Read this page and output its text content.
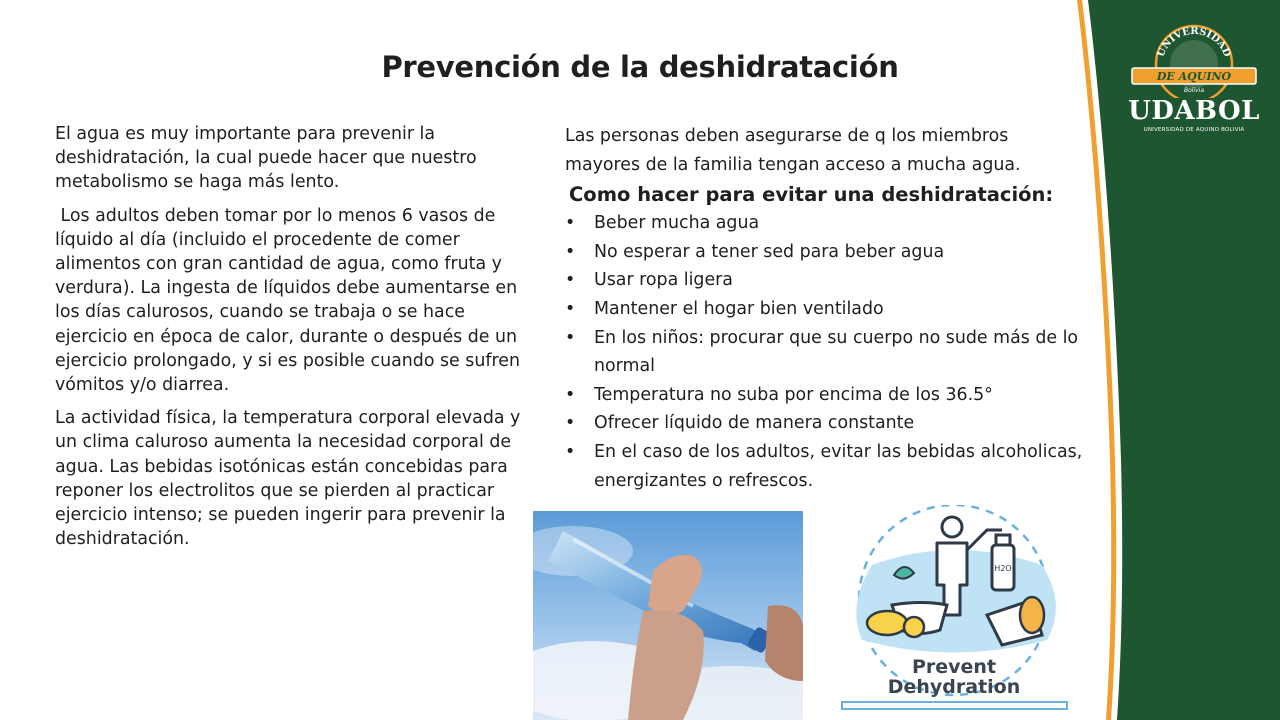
UNIVERSIDAD
DE AQUINO
Bolivia
UDABOL
UNIVERSIDAD DE AQUINO BOLIVIA
Prevención de la deshidratación

El agua es muy importante para prevenir la deshidratación, la cual puede hacer que nuestro metabolismo se haga más lento.

Los adultos deben tomar por lo menos 6 vasos de líquido al día (incluido el procedente de comer alimentos con gran cantidad de agua, como fruta y verdura). La ingesta de líquidos debe aumentarse en los días calurosos, cuando se trabaja o se hace ejercicio en época de calor, durante o después de un ejercicio prolongado, y si es posible cuando se sufren vómitos y/o diarrea.

La actividad física, la temperatura corporal elevada y un clima caluroso aumenta la necesidad corporal de agua. Las bebidas isotónicas están concebidas para reponer los electrolitos que se pierden al practicar ejercicio intenso; se pueden ingerir para prevenir la deshidratación.

Las personas deben asegurarse de q los miembros mayores de la familia tengan acceso a mucha agua.

Como hacer para evitar una deshidratación:

• Beber mucha agua
• No esperar a tener sed para beber agua
• Usar ropa ligera
• Mantener el hogar bien ventilado
• En los niños: procurar que su cuerpo no sude más de lo normal
• Temperatura no suba por encima de los 36.5°
• Ofrecer líquido de manera constante
• En el caso de los adultos, evitar las bebidas alcoholicas, energizantes o refrescos.
H2O
Prevent
Dehydration
